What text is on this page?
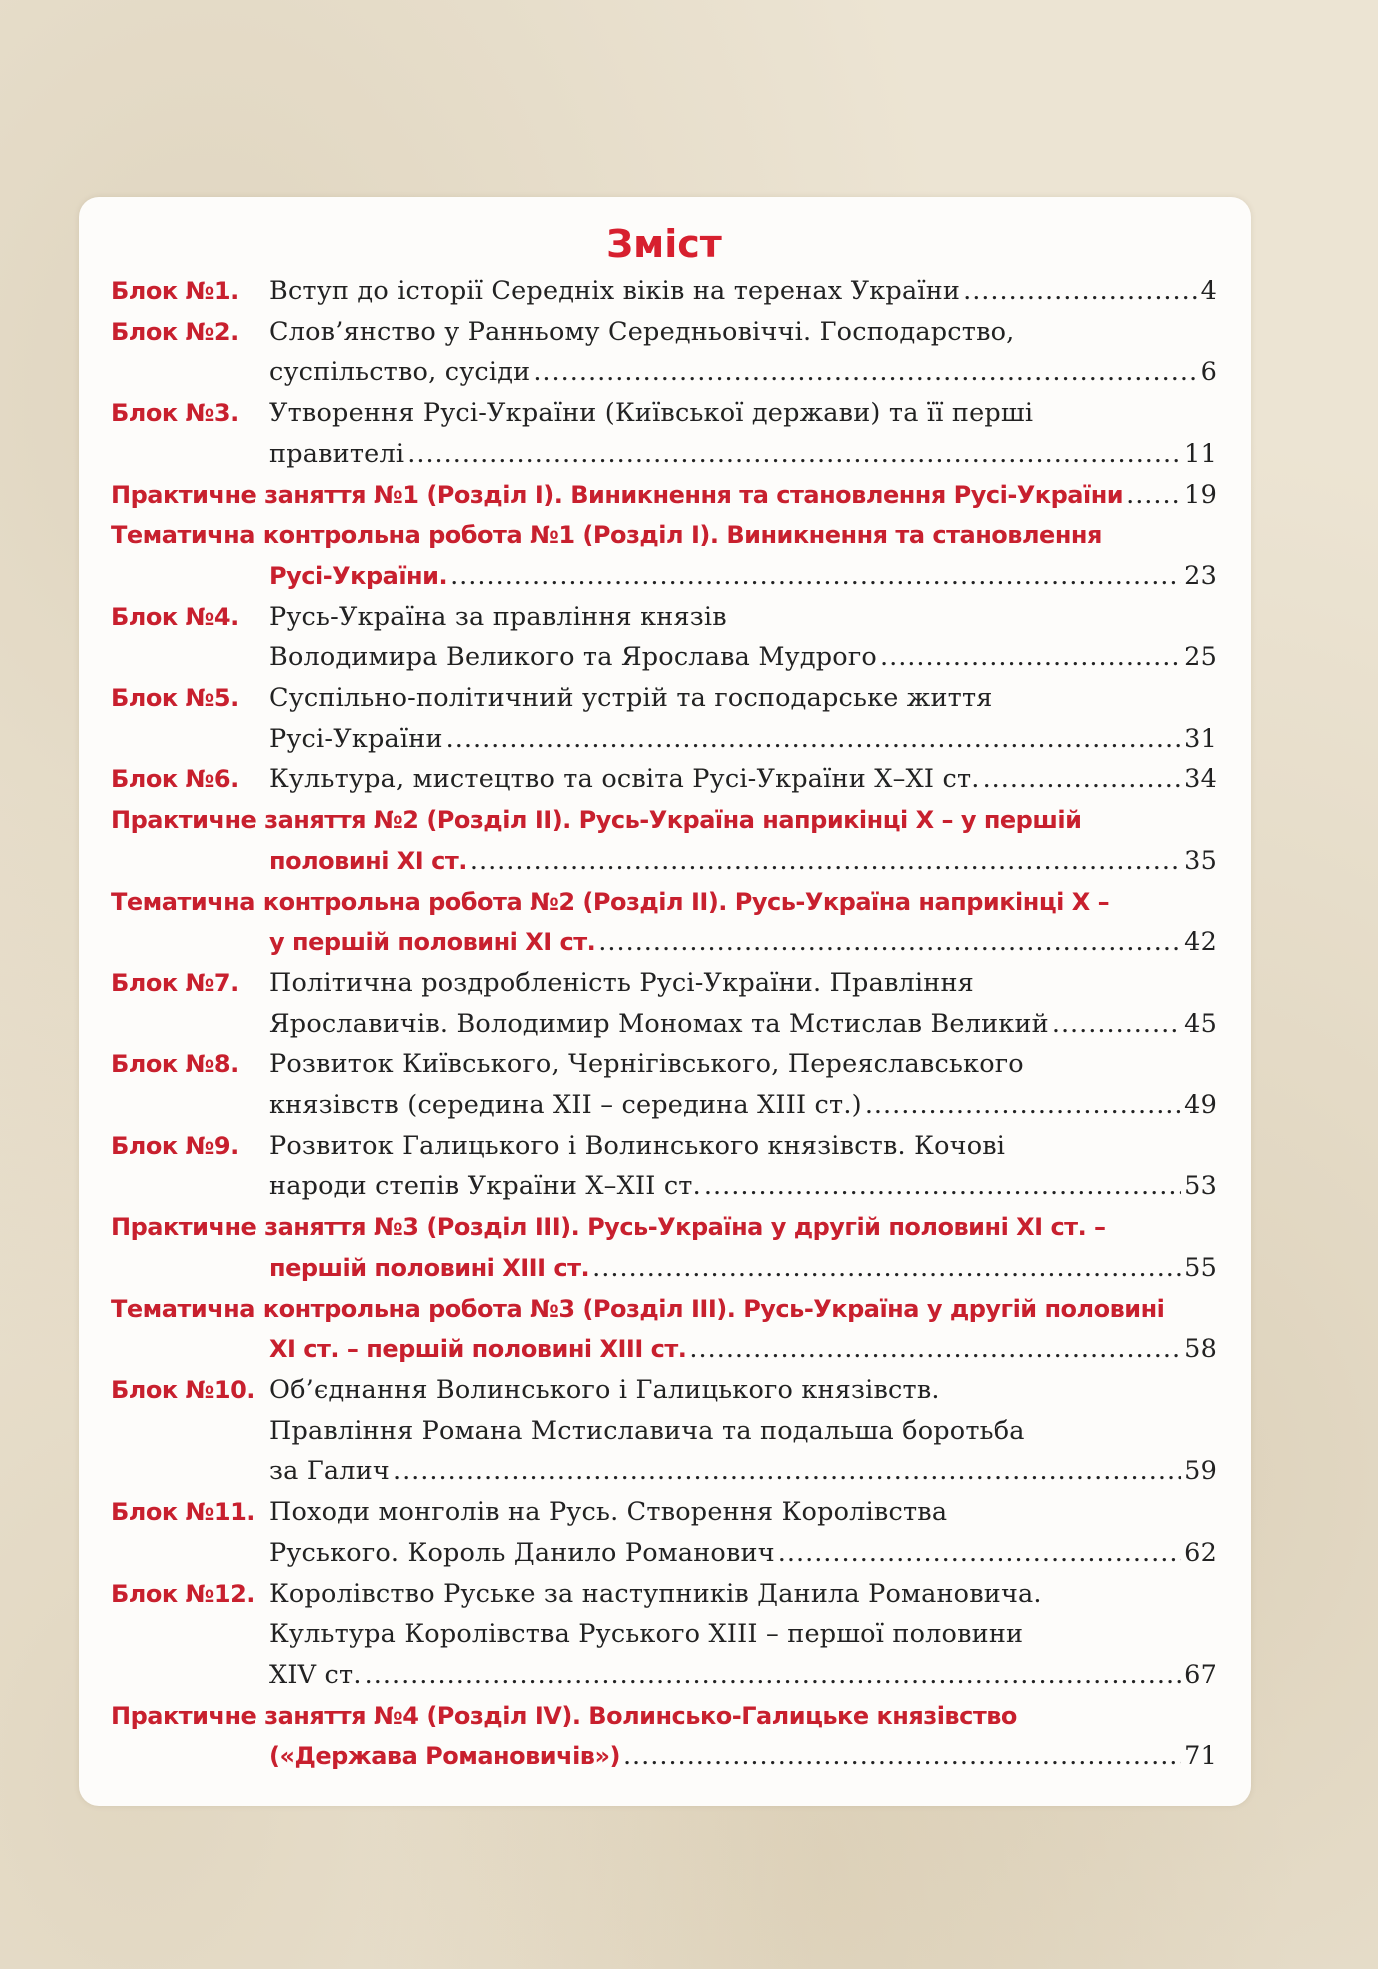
Зміст
Блок №1.	Вступ до історії Середніх віків на теренах України .....	4
Блок №2.	Слов’янство у Ранньому Середньовіччі. Господарство,
суспільство, сусіди .....	6
Блок №3.	Утворення Русі-України (Київської держави) та її перші
правителі .....	11
Практичне заняття №1 (Розділ І). Виникнення та становлення Русі-України ..... 19
Тематична контрольна робота №1 (Розділ І). Виникнення та становлення
Русі-України. .....	23
Блок №4.	Русь-Україна за правління князів
Володимира Великого та Ярослава Мудрого .....	25
Блок №5.	Суспільно-політичний устрій та господарське життя
Русі-України .....	31
Блок №6.	Культура, мистецтво та освіта Русі-України Х–ХІ ст. .....	34
Практичне заняття №2 (Розділ ІІ). Русь-Україна наприкінці Х – у першій
половині ХІ ст. .....	35
Тематична контрольна робота №2 (Розділ ІІ). Русь-Україна наприкінці Х –
у першій половині ХІ ст. .....	42
Блок №7.	Політична роздробленість Русі-України. Правління
Ярославичів. Володимир Мономах та Мстислав Великий .....	45
Блок №8.	Розвиток Київського, Чернігівського, Переяславського
князівств (середина XII – середина XIII ст.) .....	49
Блок №9.	Розвиток Галицького і Волинського князівств. Кочові
народи степів України Х–ХІІ ст. .....	53
Практичне заняття №3 (Розділ ІІІ). Русь-Україна у другій половині ХІ ст. –
першій половині ХІІІ ст. .....	55
Тематична контрольна робота №3 (Розділ ІІІ). Русь-Україна у другій половині
ХІ ст. – першій половині ХІІІ ст. .....	58
Блок №10. Об’єднання Волинського і Галицького князівств.
Правління Романа Мстиславича та подальша боротьба
за Галич .....	59
Блок №11. Походи монголів на Русь. Створення Королівства
Руського. Король Данило Романович .....	62
Блок №12. Королівство Руське за наступників Данила Романовича.
Культура Королівства Руського ХІІІ – першої половини
XIV ст. .....	67
Практичне заняття №4 (Розділ IV). Волинсько-Галицьке князівство
(«Держава Романовичів») .....	71
